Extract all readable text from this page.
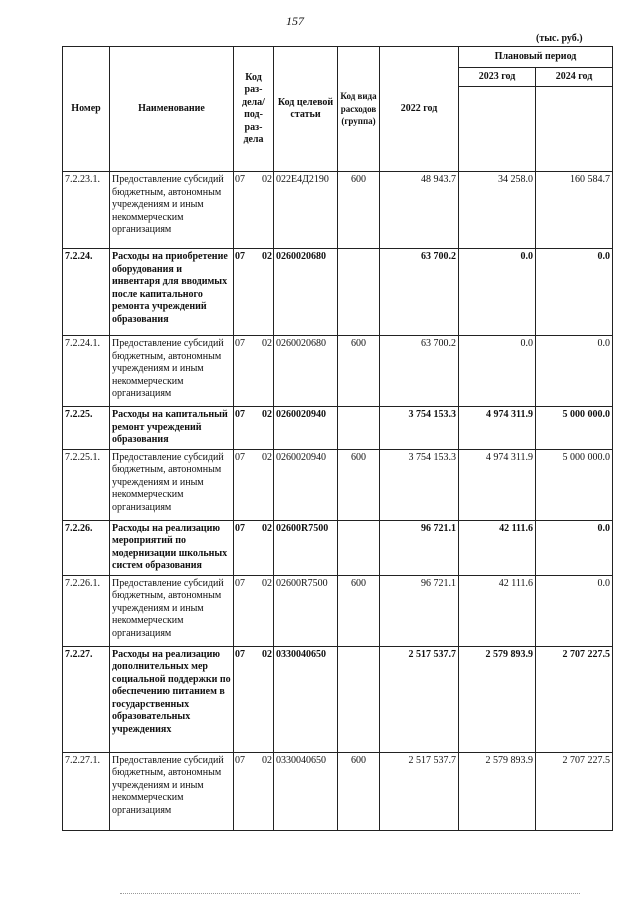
157
(тыс. руб.)
Номер	Наименование	Код раз-дела/ под-раз-дела	Код целевой статьи	Код вида расходов (группа)	2022 год	Плановый период	
						2023 год	2024 год

7.2.23.1.	Предоставление субсидий бюджетным, автономным учреждениям и иным некоммерческим организациям	07 02	022Е4Д2190	600	48 943.7	34 258.0	160 584.7
7.2.24.	Расходы на приобретение оборудования и инвентаря для вводимых после капитального ремонта учреждений образования	07 02	0260020680		63 700.2	0.0	0.0
7.2.24.1.	Предоставление субсидий бюджетным, автономным учреждениям и иным некоммерческим организациям	07 02	0260020680	600	63 700.2	0.0	0.0
7.2.25.	Расходы на капитальный ремонт учреждений образования	07 02	0260020940		3 754 153.3	4 974 311.9	5 000 000.0
7.2.25.1.	Предоставление субсидий бюджетным, автономным учреждениям и иным некоммерческим организациям	07 02	0260020940	600	3 754 153.3	4 974 311.9	5 000 000.0
7.2.26.	Расходы на реализацию мероприятий по модернизации школьных систем образования	07 02	02600R7500		96 721.1	42 111.6	0.0
7.2.26.1.	Предоставление субсидий бюджетным, автономным учреждениям и иным некоммерческим организациям	07 02	02600R7500	600	96 721.1	42 111.6	0.0
7.2.27.	Расходы на реализацию дополнительных мер социальной поддержки по обеспечению питанием в государственных образовательных учреждениях	07 02	0330040650		2 517 537.7	2 579 893.9	2 707 227.5
7.2.27.1.	Предоставление субсидий бюджетным, автономным учреждениям и иным некоммерческим организациям	07 02	0330040650	600	2 517 537.7	2 579 893.9	2 707 227.5
